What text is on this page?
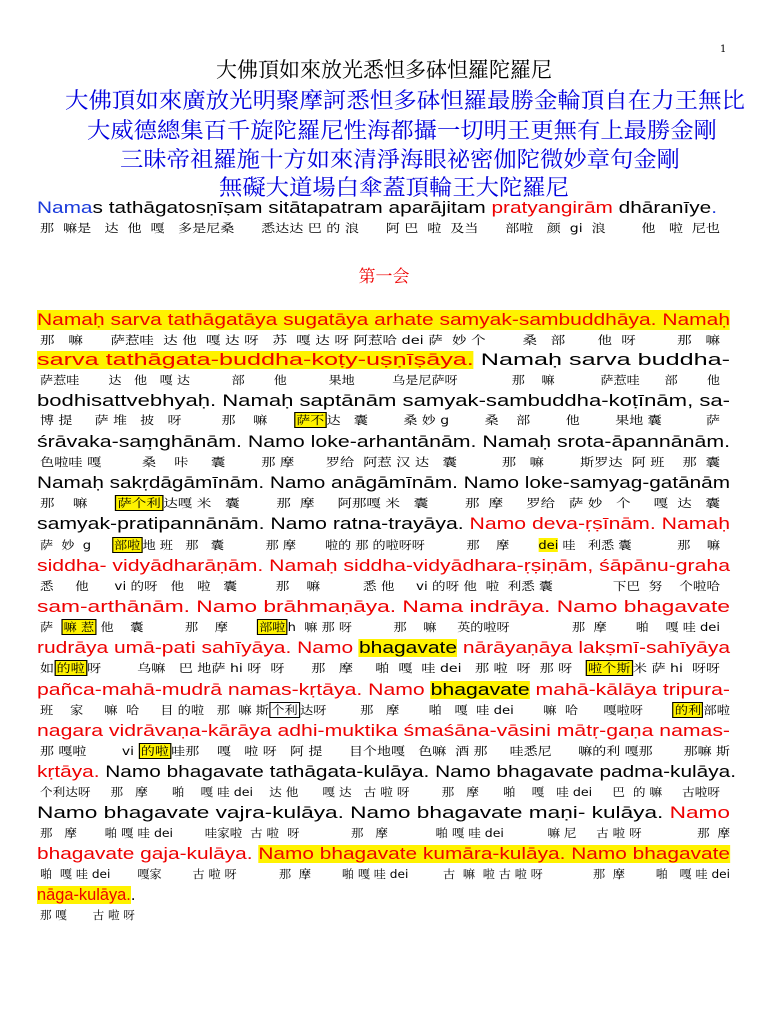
1
大佛頂如來放光悉怛多砵怛羅陀羅尼
大佛頂如來廣放光明聚摩訶悉怛多砵怛羅最勝金輪頂自在力王無比
大威德總集百千旋陀羅尼性海都攝一切明王更無有上最勝金剛
三昧帝祖羅施十方如來清淨海眼祕密伽陀微妙章句金剛
無礙大道場白傘蓋頂輪王大陀羅尼
Namas tathāgatosṇīṣam sitātapatram aparājitam pratyangirām dhāranīye.
那  嘛是   达  他  嘎   多是尼桑      悉达达 巴 的 浪      阿 巴  啦  及当      部啦   颜  gi  浪        他   啦  尼也
第一会
Namaḥ sarva tathāgatāya sugatāya arhate samyak-sambuddhāya. Namaḥ
那   嘛      萨惹哇  达 他  嘎 达 呀   苏  嘎 达 呀 阿惹哈 dei 萨  妙 个        桑   部       他  呀         那   嘛
sarva tathāgata-buddha-koṭy-uṣṇīṣāya. Namaḥ sarva buddha-
萨惹哇       达   他   嘎 达          部       他          果地         乌是尼萨呀             那    嘛           萨惹哇      部       他
bodhisattvebhyaḥ. Namaḥ saptānām samyak-sambuddha-koṭīnām, sa-
博 提     萨 堆   披   呀         那    嘛      萨不 达   囊        桑 妙 g        桑    部        他        果地 囊          萨
śrāvaka-saṃghānām. Namo loke-arhantānām. Namaḥ srota-āpannānām.
色啦哇 嘎         桑    咔     囊        那 摩       罗给  阿惹 汉 达   囊          那   嘛        斯罗达  阿 班    那  囊
Namaḥ sakṛdāgāmīnām. Namo anāgāmīnām. Namo loke-samyag-gatānām
那    嘛      萨个利 达嘎 米   囊        那  摩     阿那嘎 米   囊        那  摩     罗给   萨 妙   个     嘎  达   囊
samyak-pratipannānām. Namo ratna-trayāya. Namo deva-ṛṣīnām. Namaḥ
萨  妙  g     部啦 地 班   那   囊          那 摩       啦的 那 的啦呀呀          那    摩       dei 哇   利悉 囊           那    嘛
siddha- vidyādharāṇām. Namaḥ siddha-vidyādhara-ṛṣiṇām, śāpānu-graha
悉     他      vi 的呀   他   啦   囊         那    嘛          悉 他     vi 的呀 他  啦  利悉 囊              下巴  努    个啦哈
sam-arthānām. Namo brāhmaṇāya. Nama indrāya. Namo bhagavate
萨  嘛 惹 他    囊          那    摩       部啦 h  嘛 那 呀          那    嘛     英的啦呀               那  摩       啪    嘎 哇 dei
rudrāya umā-pati sahīyāya. Namo bhagavate nārāyaṇāya lakṣmī-sahīyāya
如 的啦 呀        乌嘛   巴 地萨 hi 呀  呀      那   摩     啪  嘎  哇 dei   那 啦  呀  那 呀   啦个斯 米 萨 hi  呀呀
pañca-mahā-mudrā namas-kṛtāya. Namo bhagavate mahā-kālāya tripura-
班    家     嘛  哈     目 的啦   那  嘛 斯 个利 达呀        那   摩       啪   嘎  哇 dei       嘛  哈      嘎啦呀       的利 部啦
nagara vidrāvaṇa-kārāya adhi-muktika śmaśāna-vāsini mātṛ-gaṇa namas-
那 嘎啦        vi 的啦 哇那    嘎   啦 呀   阿 提      目个地嘎   色嘛  酒 那     哇悉尼      嘛的利 嘎那       那嘛 斯
kṛtāya. Namo bhagavate tathāgata-kulāya. Namo bhagavate padma-kulāya.
个利达呀     那   摩      啪    嘎 哇 dei    达 他      嘎 达   古 啦 呀        那   摩      啪    嘎   哇 dei     巴  的 嘛     古啦呀
Namo bhagavate vajra-kulāya. Namo bhagavate maṇi- kulāya. Namo
那   摩       啪 嘎 哇 dei        哇家啦  古 啦  呀             那   摩            啪 嘎 哇 dei           嘛 尼     古 啦 呀              那  摩
bhagavate gaja-kulāya. Namo bhagavate kumāra-kulāya. Namo bhagavate
啪  嘎 哇 dei       嘎家        古 啦 呀           那  摩        啪 嘎 哇 dei         古  嘛  啦 古 啦 呀             那  摩        啪   嘎 哇 dei
nāga-kulāya..
那 嘎       古 啦 呀
